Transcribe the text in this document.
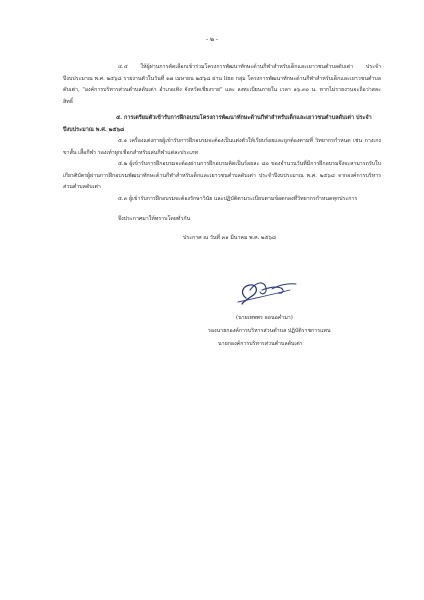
- ๒ -

๔.๔ ให้ผู้ผ่านการคัดเลือกเข้าร่วมโครงการพัฒนาทักษะด้านกีฬาสำหรับเด็กและเยาวชนตำบลดับเต่า ประจำปีงบประมาณ พ.ศ. ๒๕๖๘ รายงานตัวในวันที่ ๑๗ เมษายน ๒๕๖๘ ผ่าน line กลุ่ม โครงการพัฒนาทักษะด้านกีฬาสำหรับเด็กและเยาวชนตำบลดับเต่า, "องค์การบริหารส่วนตำบลดับเต่า อำเภอเทิง จังหวัดเชียงราย" และ ลงทะเบียนภายใน เวลา ๑๖.๓๐ น. หากไม่รายงานจะถือว่าสละสิทธิ์

๕. การเตรียมตัวเข้ารับการฝึกอบรมโครงการพัฒนาทักษะด้านกีฬาสำหรับเด็กและเยาวชนตำบลดับเต่า ประจำปีงบประมาณ พ.ศ. ๒๕๖๘

๕.๑ เครื่องแต่งกายผู้เข้ารับการฝึกอบรมจะต้องเป็นแต่งตัวให้เรียบร้อยและถูกต้องตามที่ วิทยากรกำหนด เช่น กางเกงขาสั้น เสื้อกีฬา รองเท้าผูกเชือกสำหรับเล่นกีฬาแต่ละประเภท

๕.๒ ผู้เข้ารับการฝึกอบรมจะต้องผ่านการฝึกอบรมคิดเป็นร้อยละ ๘๐ ของจำนวนวันที่มีการฝึกอบรมจึงจะสามารถรับใบเกียรติบัตรผู้ผ่านการฝึกอบรมพัฒนาทักษะด้านกีฬาสำหรับเด็กและเยาวชนตำบลดับเต่า ประจำปีงบประมาณ พ.ศ. ๒๕๖๘ จากองค์การบริหารส่วนตำบลดับเต่า

๕.๓ ผู้เข้ารับการฝึกอบรมจะต้องรักษาวินัย และปฏิบัติตามระเบียบตามข้อตกลงที่วิทยากรกำหนดทุกประการ

จึงประกาศมาให้ทราบโดยทั่วกัน

ประกาศ ณ วันที่ ๓๑ มีนาคม พ.ศ. ๒๕๖๘

(นายเทพพร ธอนอคำมา)
รองนายกองค์การบริหารส่วนตำบล ปฏิบัติราชการแทน
นายกองค์การบริหารส่วนตำบลดับเต่า
